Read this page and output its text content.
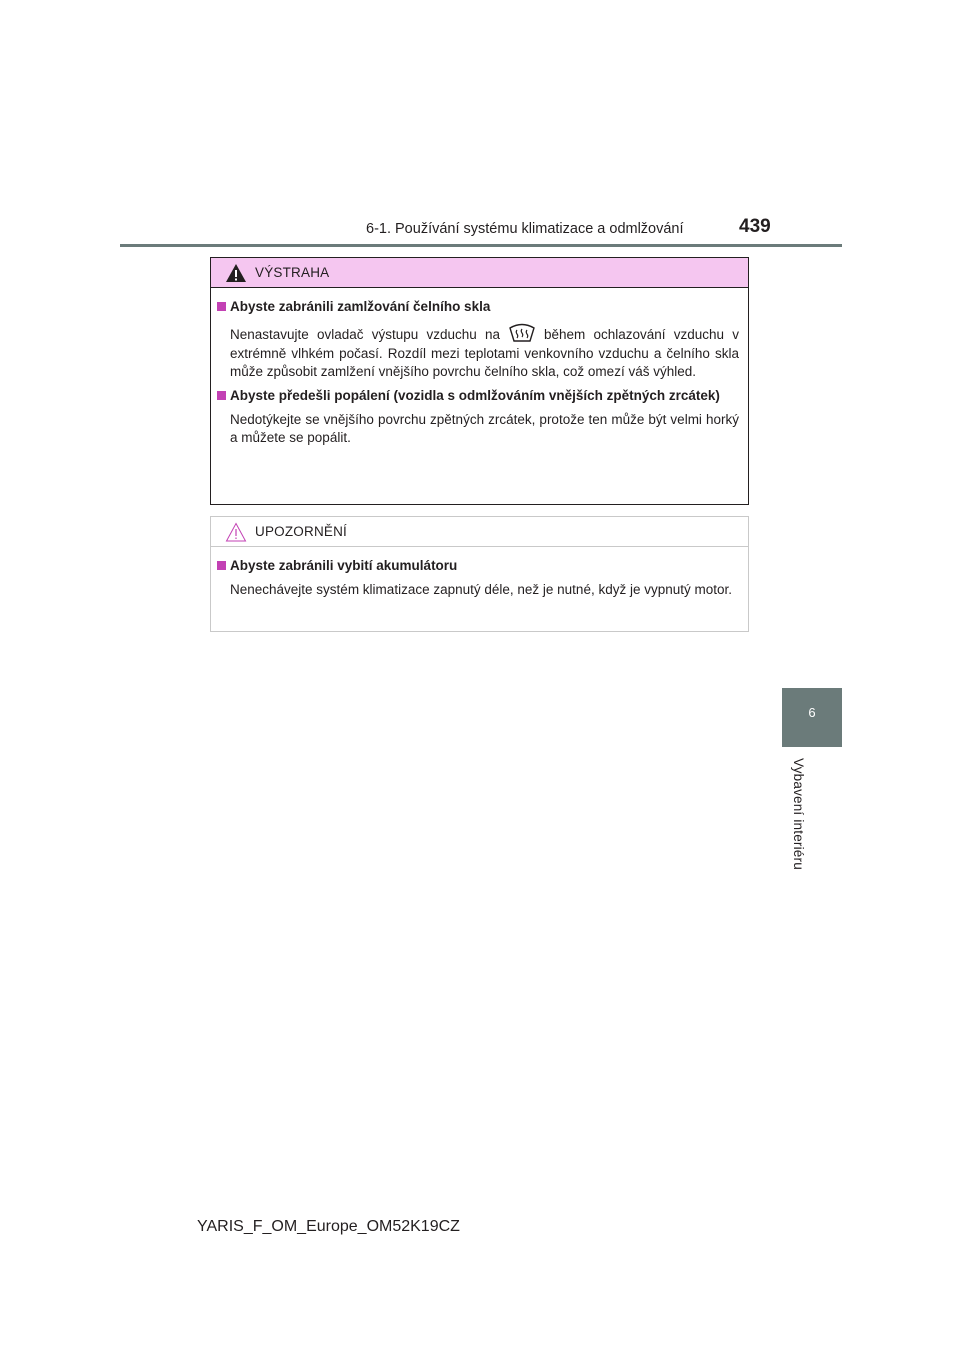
6-1. Používání systému klimatizace a odmlžování	439
6
Vybavení interiéru
VÝSTRAHA
Abyste zabránili zamlžování čelního skla
Nenastavujte ovladač výstupu vzduchu na	během ochlazování vzduchu v extrémně vlhkém počasí. Rozdíl mezi teplotami venkovního vzduchu a čelního skla může způsobit zamlžení vnějšího povrchu čelního skla, což omezí váš výhled.
Abyste předešli popálení (vozidla s odmlžováním vnějších zpětných zrcátek)
Nedotýkejte se vnějšího povrchu zpětných zrcátek, protože ten může být velmi horký a můžete se popálit.
UPOZORNĚNÍ
Abyste zabránili vybití akumulátoru
Nenechávejte systém klimatizace zapnutý déle, než je nutné, když je vypnutý motor.
YARIS_F_OM_Europe_OM52K19CZ
